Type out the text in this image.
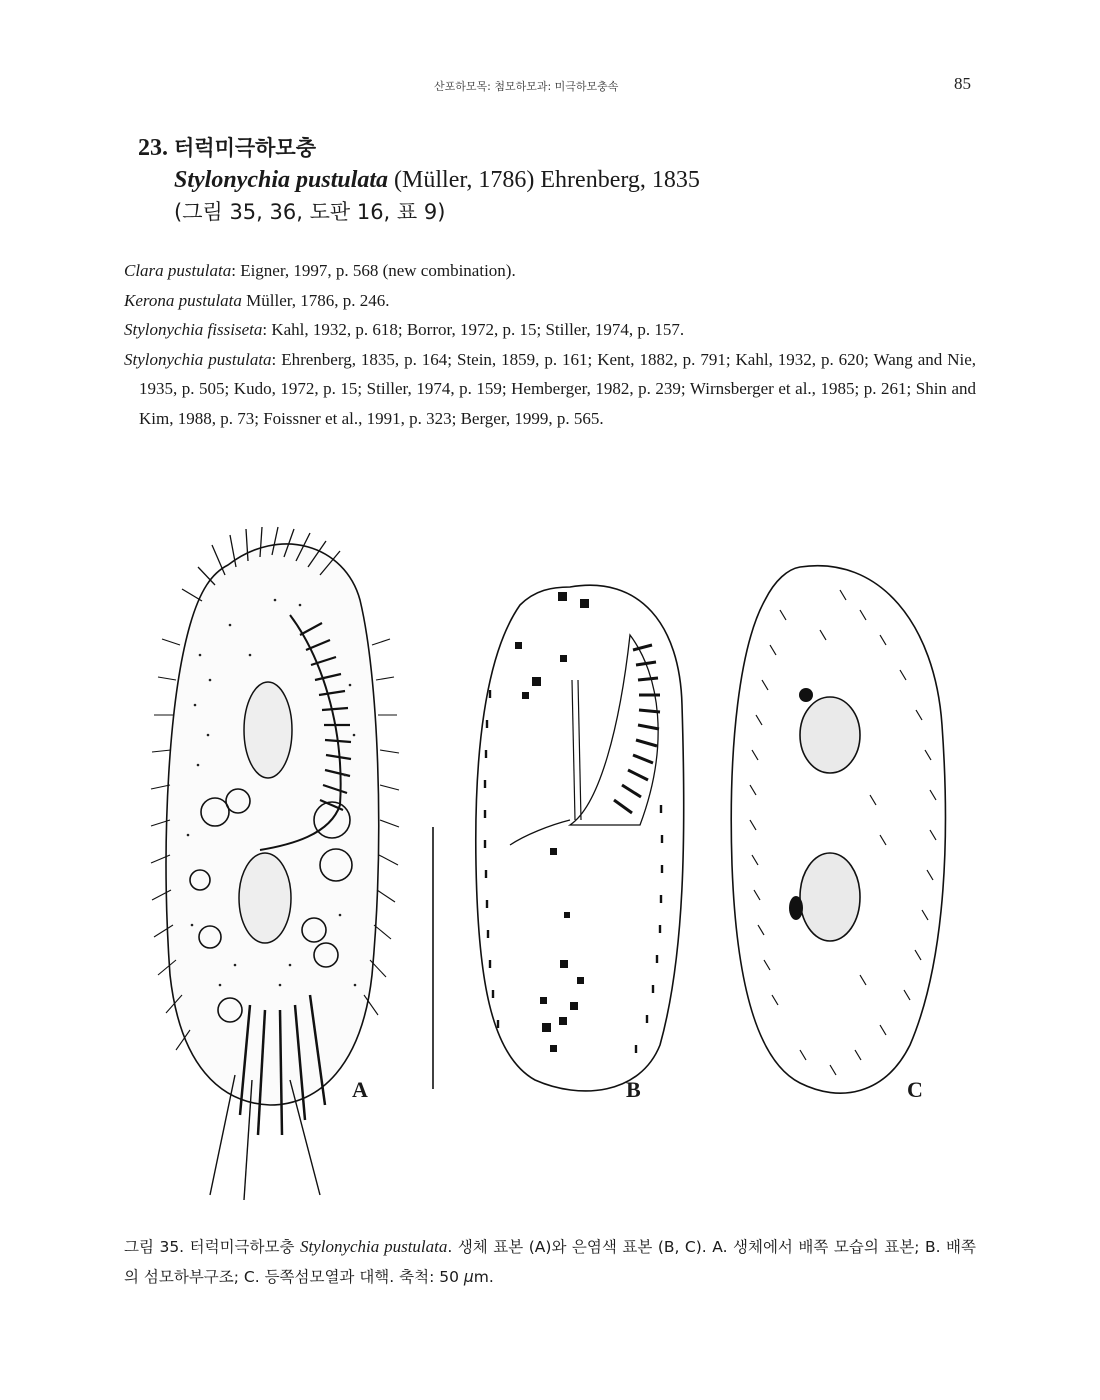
산포하모목: 첨모하모과: 미극하모충속	85
23. 터럭미극하모충
Stylonychia pustulata (Müller, 1786) Ehrenberg, 1835
(그림 35, 36, 도판 16, 표 9)
Clara pustulata: Eigner, 1997, p. 568 (new combination).
Kerona pustulata Müller, 1786, p. 246.
Stylonychia fissiseta: Kahl, 1932, p. 618; Borror, 1972, p. 15; Stiller, 1974, p. 157.
Stylonychia pustulata: Ehrenberg, 1835, p. 164; Stein, 1859, p. 161; Kent, 1882, p. 791; Kahl, 1932, p. 620; Wang and Nie, 1935, p. 505; Kudo, 1972, p. 15; Stiller, 1974, p. 159; Hemberger, 1982, p. 239; Wirnsberger et al., 1985; p. 261; Shin and Kim, 1988, p. 73; Foissner et al., 1991, p. 323; Berger, 1999, p. 565.
A	B	C
그림 35. 터럭미극하모충 Stylonychia pustulata. 생체 표본 (A)와 은염색 표본 (B, C). A. 생체에서 배쪽 모습의 표본; B. 배쪽의 섬모하부구조; C. 등쪽섬모열과 대핵. 축척: 50 μm.
